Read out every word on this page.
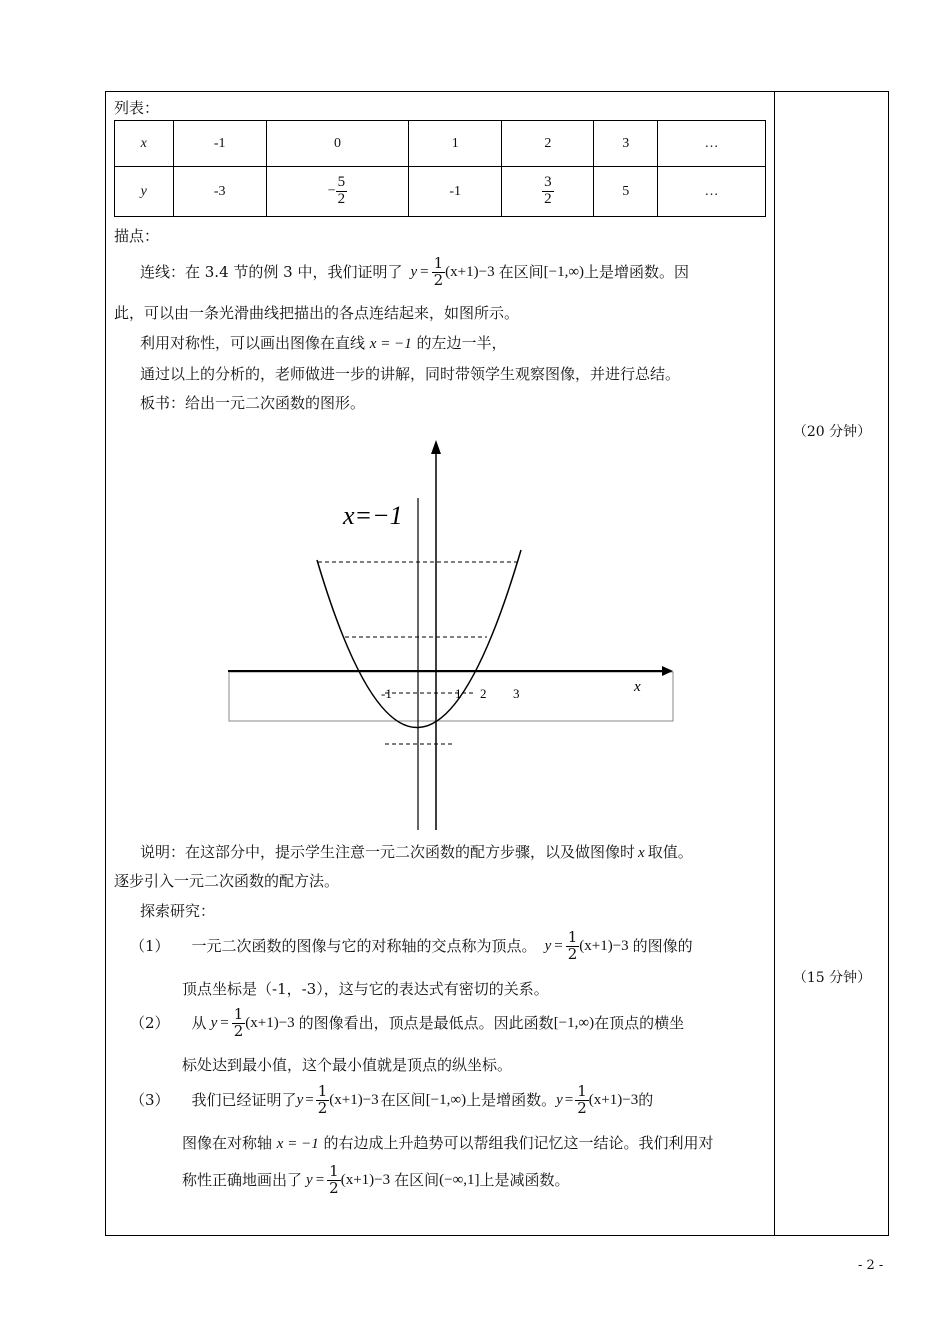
列表：
x	-1	0	1	2	3	…
y	-3	− $\frac{5}{2}$	-1	$\frac{3}{2}$	5	…
描点：
连线：在 3.4 节的例 3 中，我们证明了 $y = \frac{1}{2} (x+1)-3$ 在区间 [−1,∞) 上是增函数。因
此，可以由一条光滑曲线把描出的各点连结起来，如图所示。
利用对称性，可以画出图像在直线 x = −1 的左边一半，
通过以上的分析的，老师做进一步的讲解，同时带领学生观察图像，并进行总结。
板书：给出一元二次函数的图形。
x=−1
x
-1	1 2 3
说明：在这部分中，提示学生注意一元二次函数的配方步骤，以及做图像时 x 取值。
逐步引入一元二次函数的配方法。
探索研究：
（1） 一元二次函数的图像与它的对称轴的交点称为顶点。 $y = \frac{1}{2} (x+1)-3$ 的图像的
顶点坐标是（-1，-3），这与它的表达式有密切的关系。
（2） 从 $y = \frac{1}{2} (x+1)-3$ 的图像看出，顶点是最低点。因此函数 [−1,∞) 在顶点的横坐
标处达到最小值，这个最小值就是顶点的纵坐标。
（3） 我们已经证明了 $y = \frac{1}{2} (x+1)-3$ 在区间 [−1,∞) 上是增函数。 $y = \frac{1}{2} (x+1)-3$ 的
图像在对称轴 x = −1 的右边成上升趋势可以帮组我们记忆这一结论。我们利用对
称性正确地画出了 $y = \frac{1}{2} (x+1)-3$ 在区间 (−∞,1] 上是减函数。
（20 分钟）
（15 分钟）
- 2 -
